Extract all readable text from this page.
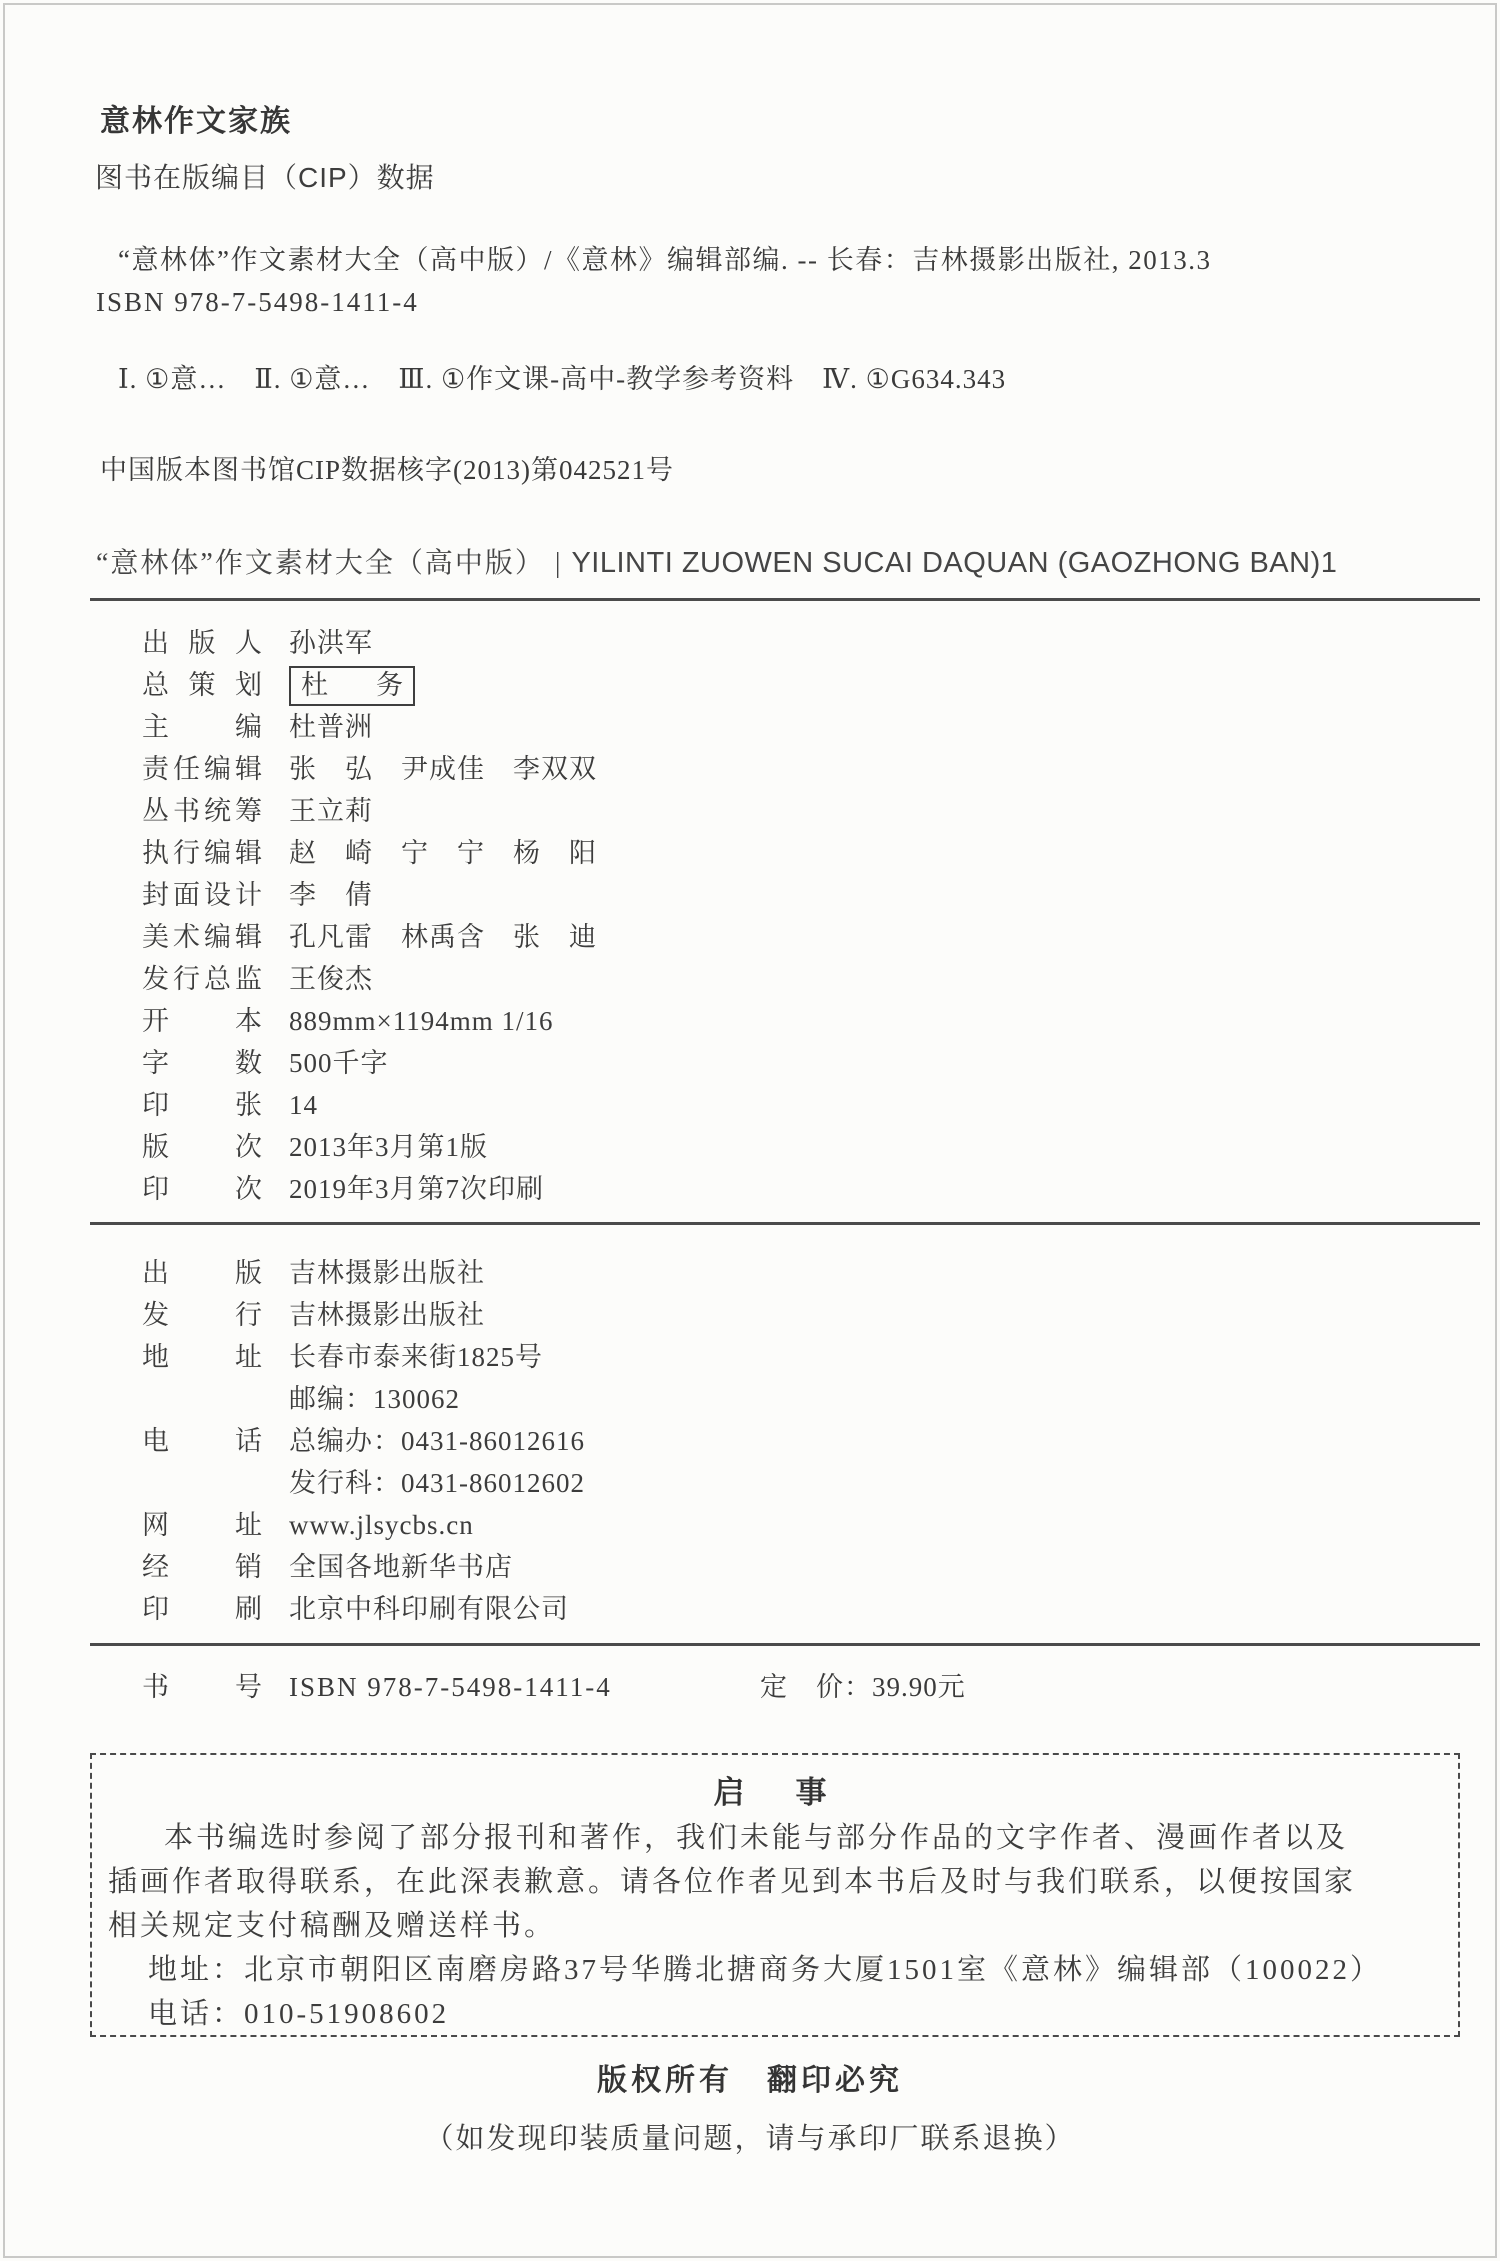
意林作文家族
图书在版编目（CIP）数据
“意林体”作文素材大全（高中版）/《意林》编辑部编. -- 长春：吉林摄影出版社, 2013.3
ISBN 978-7-5498-1411-4
Ⅰ. ①意…　Ⅱ. ①意…　Ⅲ. ①作文课-高中-教学参考资料　Ⅳ. ①G634.343
中国版本图书馆CIP数据核字(2013)第042521号
“意林体”作文素材大全（高中版） | YILINTI ZUOWEN SUCAI DAQUAN (GAOZHONG BAN)1
出版人 孙洪军
总策划 杜　务
主编 杜普洲
责任编辑 张　弘　尹成佳　李双双
丛书统筹 王立莉
执行编辑 赵　崎　宁　宁　杨　阳
封面设计 李　倩
美术编辑 孔凡雷　林禹含　张　迪
发行总监 王俊杰
开本 889mm×1194mm 1/16
字数 500千字
印张 14
版次 2013年3月第1版
印次 2019年3月第7次印刷
出版 吉林摄影出版社
发行 吉林摄影出版社
地址 长春市泰来街1825号
邮编：130062
电话 总编办：0431-86012616
发行科：0431-86012602
网址 www.jlsycbs.cn
经销 全国各地新华书店
印刷 北京中科印刷有限公司
书号 ISBN 978-7-5498-1411-4	定　价：39.90元
启　事
本书编选时参阅了部分报刊和著作，我们未能与部分作品的文字作者、漫画作者以及
插画作者取得联系，在此深表歉意。请各位作者见到本书后及时与我们联系，以便按国家
相关规定支付稿酬及赠送样书。
地址：北京市朝阳区南磨房路37号华腾北搪商务大厦1501室《意林》编辑部（100022）
电话：010-51908602
版权所有　翻印必究
（如发现印装质量问题，请与承印厂联系退换）
